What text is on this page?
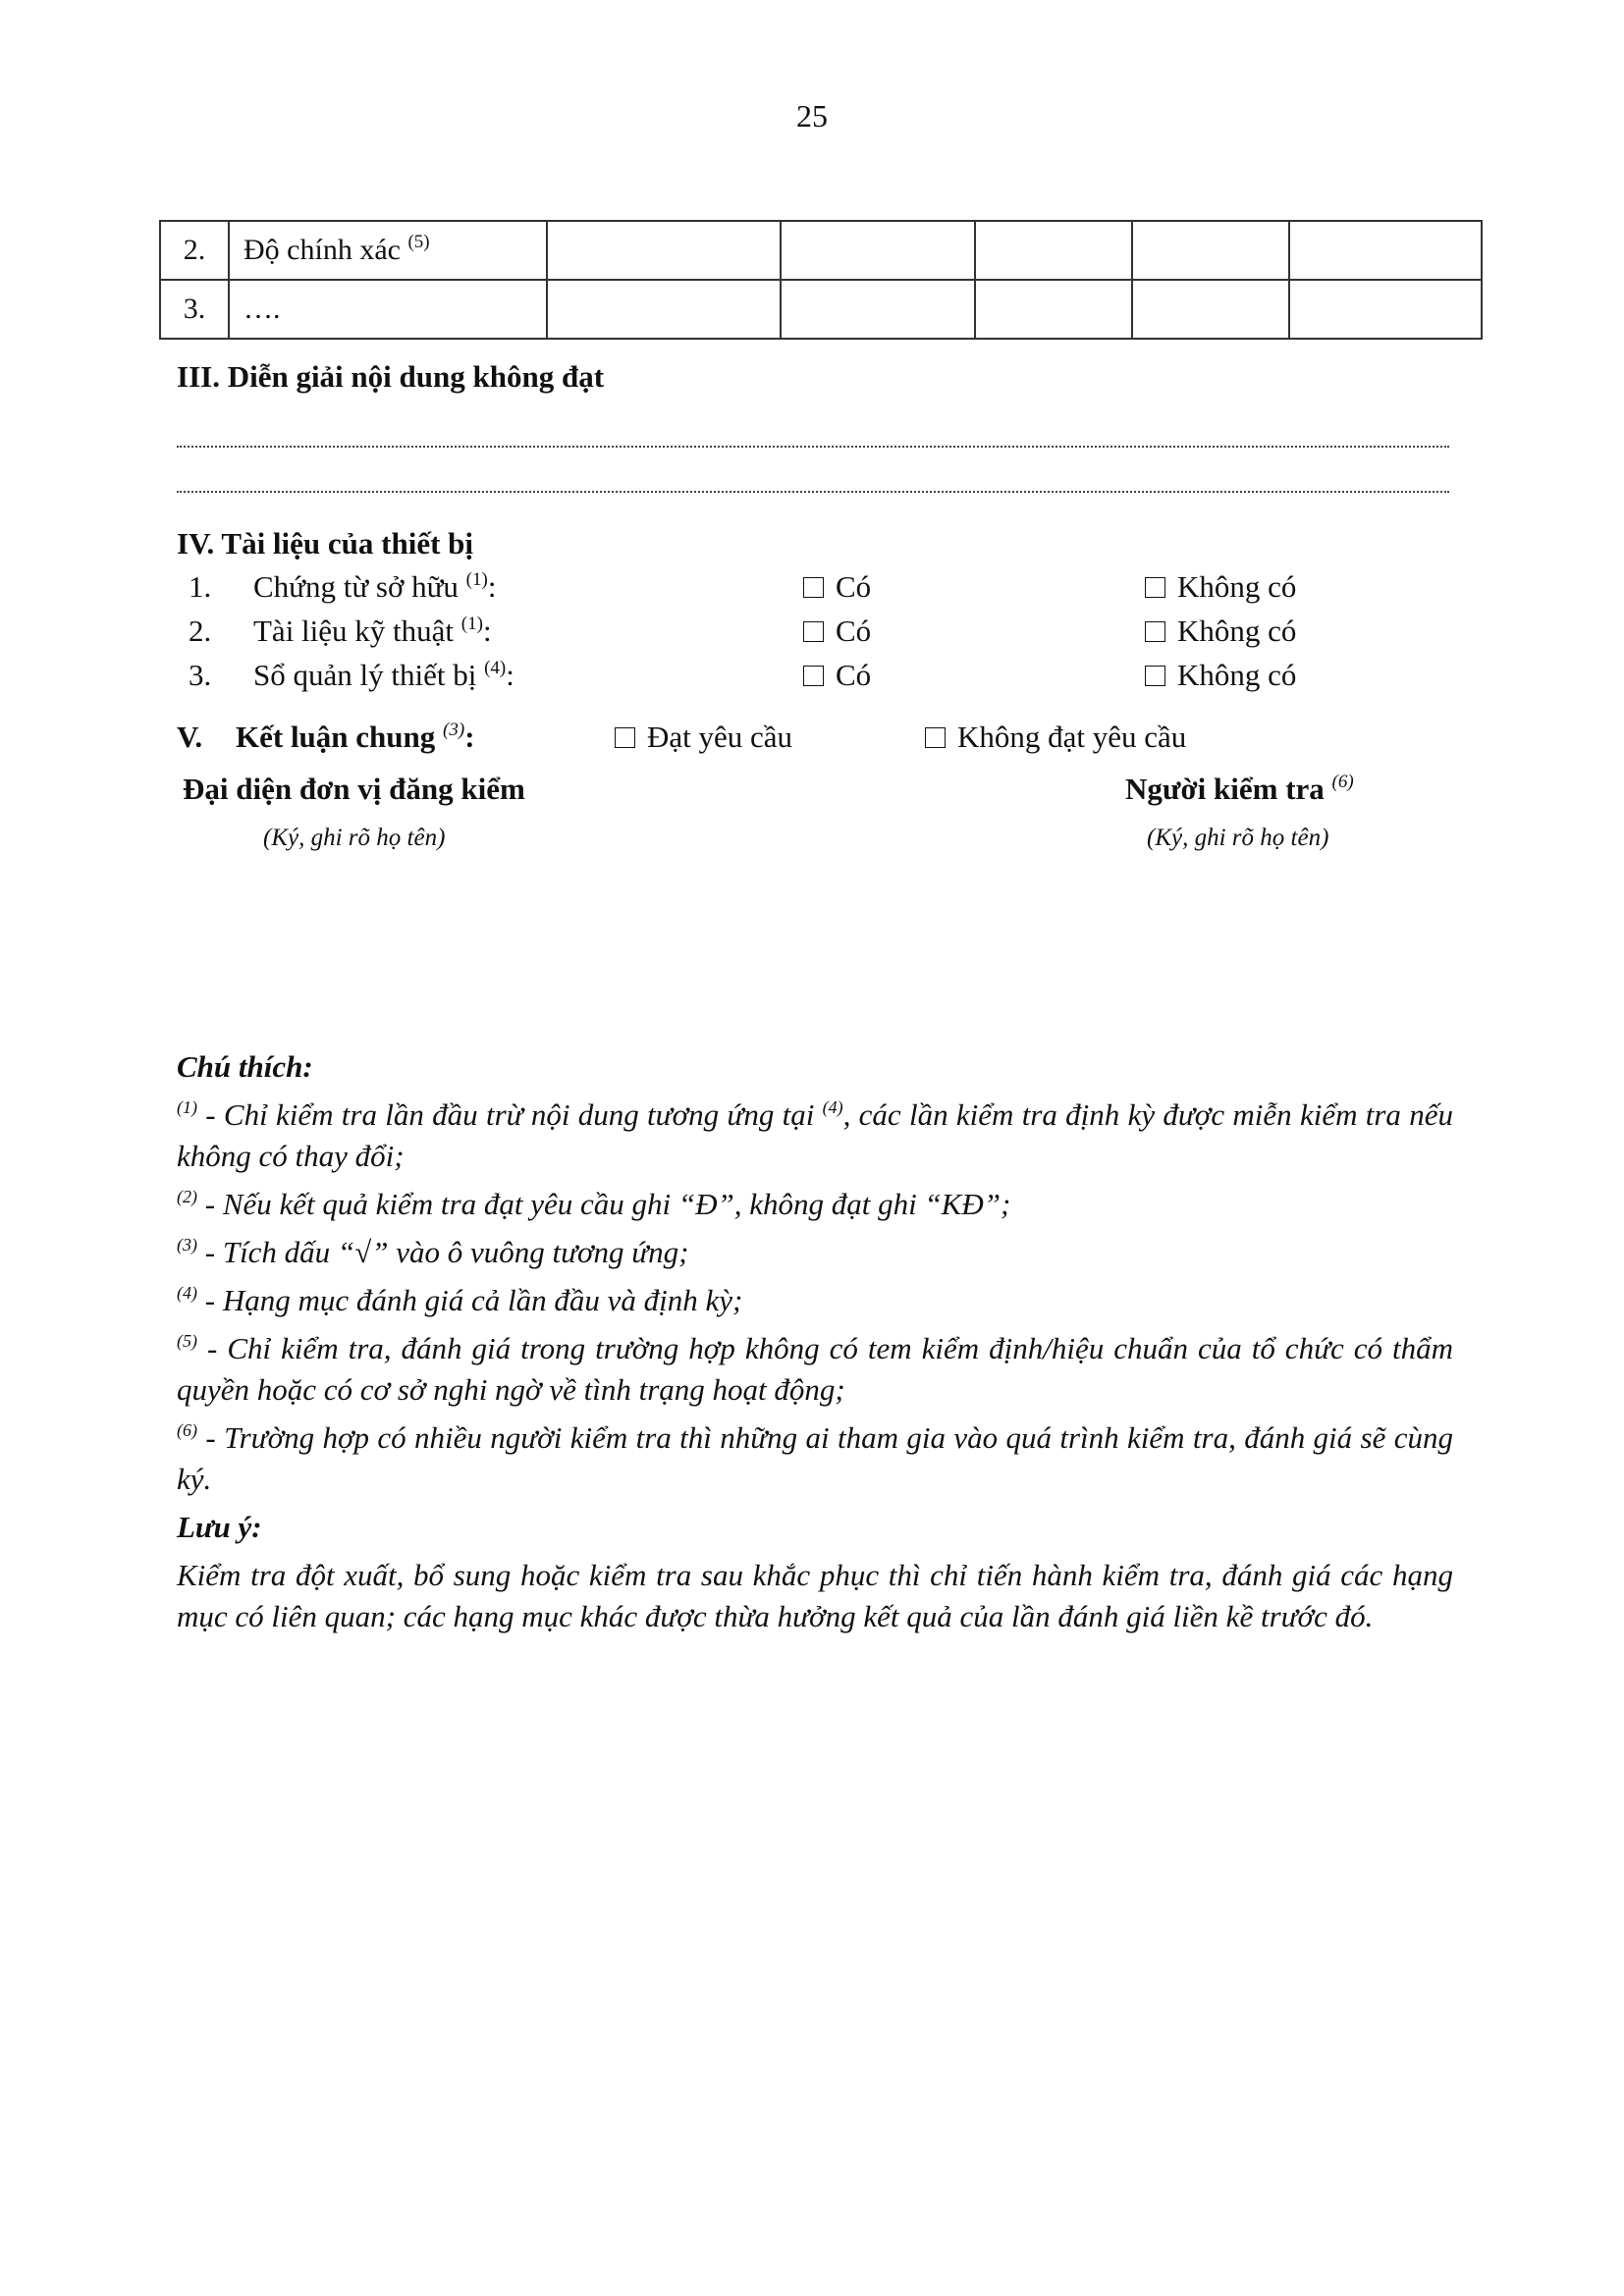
25
2.	Độ chính xác $^{(5)}$					
3.	….					
III. Diễn giải nội dung không đạt
IV. Tài liệu của thiết bị
1. Chứng từ sở hữu $^{(1)}$:	Có	Không có
2. Tài liệu kỹ thuật $^{(1)}$:	Có	Không có
3. Sổ quản lý thiết bị $^{(4)}$:	Có	Không có
V. Kết luận chung $^{(3)}$:	Đạt yêu cầu	Không đạt yêu cầu
Đại diện đơn vị đăng kiểm
(Ký, ghi rõ họ tên)
Người kiểm tra $^{(6)}$
(Ký, ghi rõ họ tên)

Chú thích:

$^{(1)}$ - Chỉ kiểm tra lần đầu trừ nội dung tương ứng tại $^{(4)}$, các lần kiểm tra định kỳ được miễn kiểm tra nếu không có thay đổi;

$^{(2)}$ - Nếu kết quả kiểm tra đạt yêu cầu ghi “Đ”, không đạt ghi “KĐ”;

$^{(3)}$ - Tích dấu “√” vào ô vuông tương ứng;

$^{(4)}$ - Hạng mục đánh giá cả lần đầu và định kỳ;

$^{(5)}$ - Chỉ kiểm tra, đánh giá trong trường hợp không có tem kiểm định/hiệu chuẩn của tổ chức có thẩm quyền hoặc có cơ sở nghi ngờ về tình trạng hoạt động;

$^{(6)}$ - Trường hợp có nhiều người kiểm tra thì những ai tham gia vào quá trình kiểm tra, đánh giá sẽ cùng ký.

Lưu ý:

Kiểm tra đột xuất, bổ sung hoặc kiểm tra sau khắc phục thì chỉ tiến hành kiểm tra, đánh giá các hạng mục có liên quan; các hạng mục khác được thừa hưởng kết quả của lần đánh giá liền kề trước đó.
